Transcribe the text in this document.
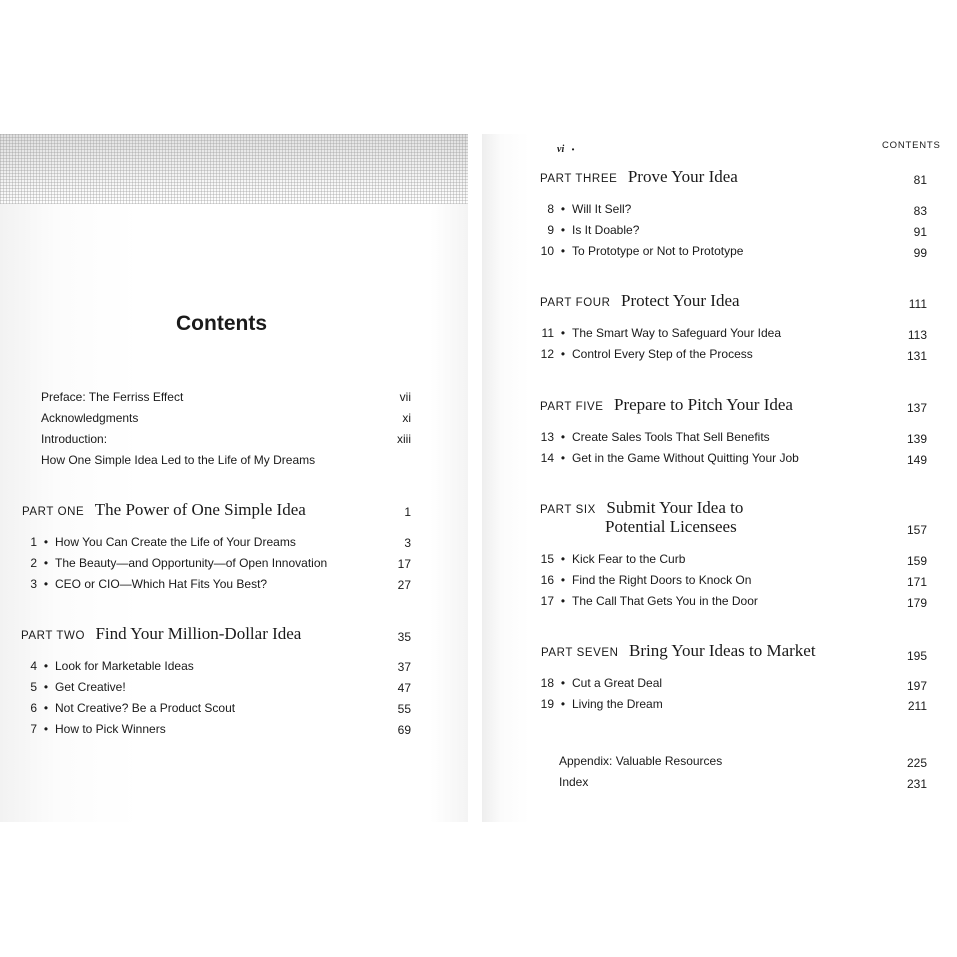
Contents
Preface: The Ferriss Effect	vii
Acknowledgments	xi
Introduction:	xiii
How One Simple Idea Led to the Life of My Dreams
PART ONE The Power of One Simple Idea	1
1 • How You Can Create the Life of Your Dreams	3
2 • The Beauty—and Opportunity—of Open Innovation	17
3 • CEO or CIO—Which Hat Fits You Best?	27
PART TWO Find Your Million-Dollar Idea	35
4 • Look for Marketable Ideas	37
5 • Get Creative!	47
6 • Not Creative? Be a Product Scout	55
7 • How to Pick Winners	69
vi •	CONTENTS
PART THREE Prove Your Idea	81
8 • Will It Sell?	83
9 • Is It Doable?	91
10 • To Prototype or Not to Prototype	99
PART FOUR Protect Your Idea	111
11 • The Smart Way to Safeguard Your Idea	113
12 • Control Every Step of the Process	131
PART FIVE Prepare to Pitch Your Idea	137
13 • Create Sales Tools That Sell Benefits	139
14 • Get in the Game Without Quitting Your Job	149
PART SIX Submit Your Idea to
Potential Licensees	157
15 • Kick Fear to the Curb	159
16 • Find the Right Doors to Knock On	171
17 • The Call That Gets You in the Door	179
PART SEVEN Bring Your Ideas to Market	195
18 • Cut a Great Deal	197
19 • Living the Dream	211
Appendix: Valuable Resources	225
Index	231
